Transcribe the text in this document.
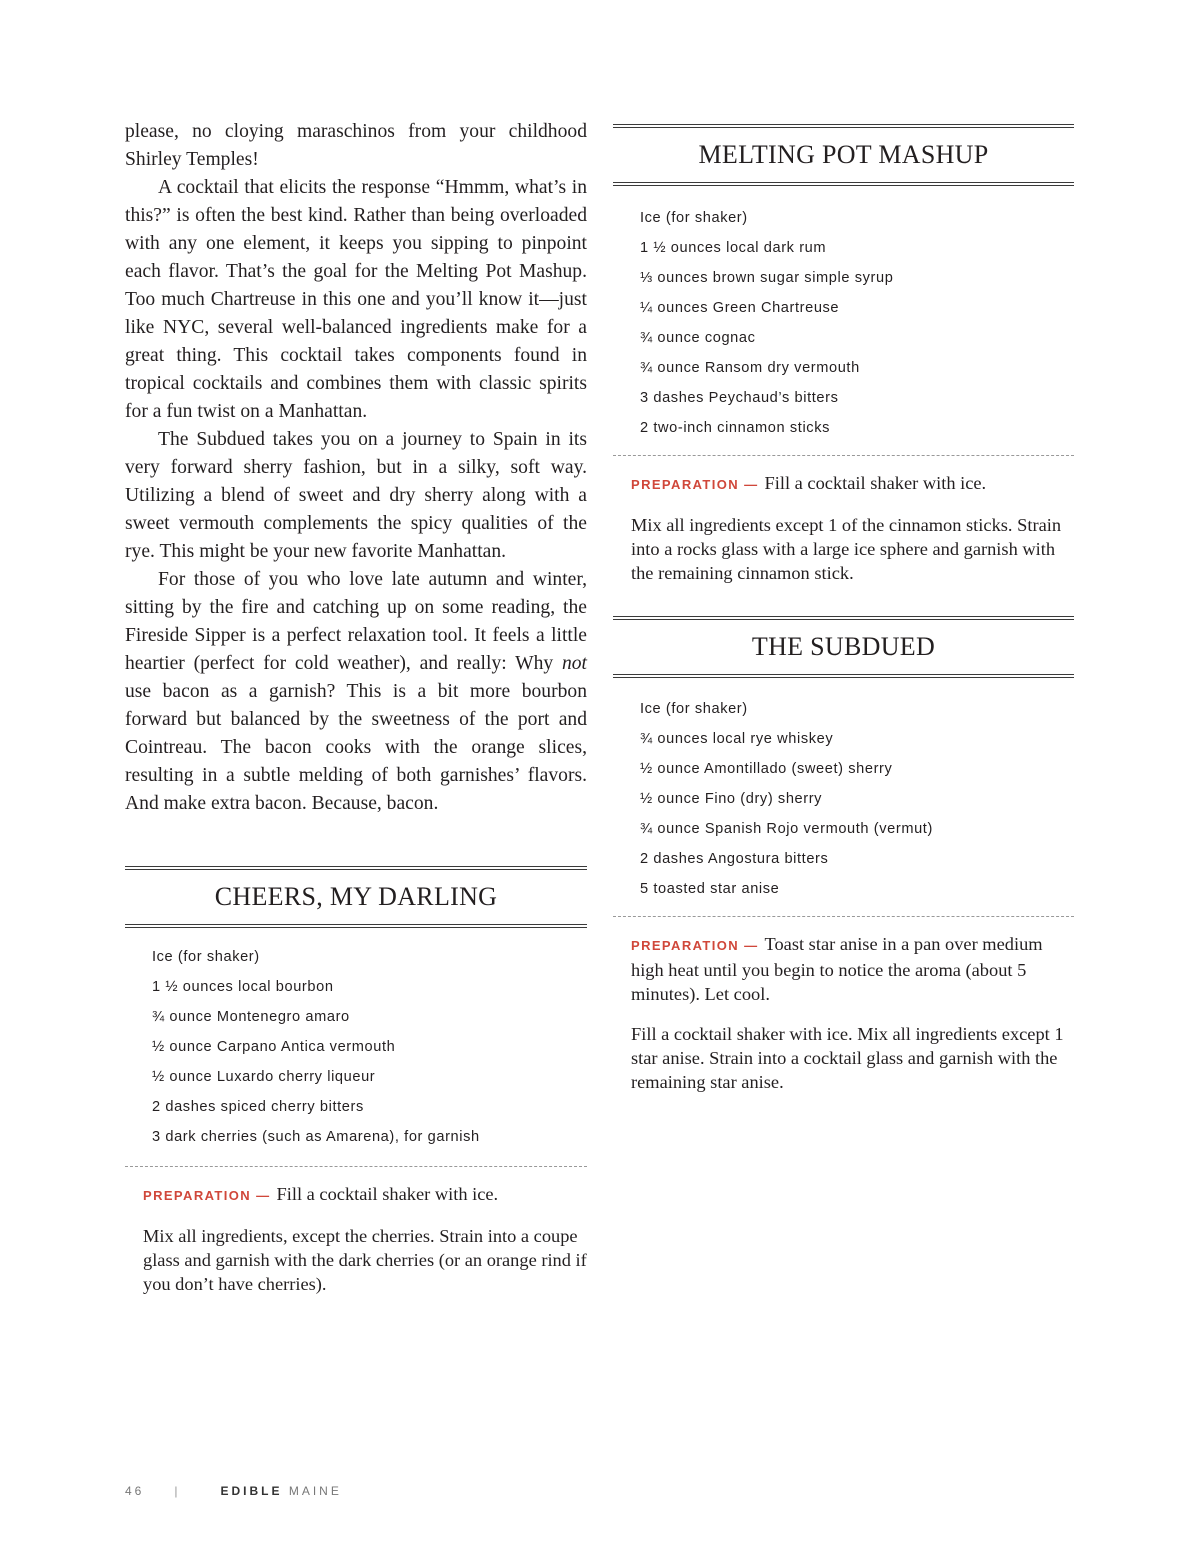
please, no cloying maraschinos from your childhood Shirley Temples!

A cocktail that elicits the response “Hmmm, what’s in this?” is often the best kind. Rather than being overloaded with any one element, it keeps you sipping to pinpoint each flavor. That’s the goal for the Melting Pot Mashup. Too much Chartreuse in this one and you’ll know it—just like NYC, several well-balanced ingredients make for a great thing. This cocktail takes components found in tropical cocktails and combines them with classic spirits for a fun twist on a Manhattan.

The Subdued takes you on a journey to Spain in its very forward sherry fashion, but in a silky, soft way. Utilizing a blend of sweet and dry sherry along with a sweet vermouth complements the spicy qualities of the rye. This might be your new favorite Manhattan.

For those of you who love late autumn and winter, sitting by the fire and catching up on some reading, the Fireside Sipper is a perfect relaxation tool. It feels a little heartier (perfect for cold weather), and really: Why not use bacon as a garnish? This is a bit more bourbon forward but balanced by the sweetness of the port and Cointreau. The bacon cooks with the orange slices, resulting in a subtle melding of both garnishes’ flavors. And make extra bacon. Because, bacon.

CHEERS, MY DARLING
Ice (for shaker)
1 ½ ounces local bourbon
¾ ounce Montenegro amaro
½ ounce Carpano Antica vermouth
½ ounce Luxardo cherry liqueur
2 dashes spiced cherry bitters
3 dark cherries (such as Amarena), for garnish

PREPARATION — Fill a cocktail shaker with ice.

Mix all ingredients, except the cherries. Strain into a coupe glass and garnish with the dark cherries (or an orange rind if you don’t have cherries).

MELTING POT MASHUP
Ice (for shaker)
1 ½ ounces local dark rum
⅓ ounces brown sugar simple syrup
¼ ounces Green Chartreuse
¾ ounce cognac
¾ ounce Ransom dry vermouth
3 dashes Peychaud’s bitters
2 two-inch cinnamon sticks

PREPARATION — Fill a cocktail shaker with ice.

Mix all ingredients except 1 of the cinnamon sticks. Strain into a rocks glass with a large ice sphere and garnish with the remaining cinnamon stick.

THE SUBDUED
Ice (for shaker)
¾ ounces local rye whiskey
½ ounce Amontillado (sweet) sherry
½ ounce Fino (dry) sherry
¾ ounce Spanish Rojo vermouth (vermut)
2 dashes Angostura bitters
5 toasted star anise

PREPARATION — Toast star anise in a pan over medium high heat until you begin to notice the aroma (about 5 minutes). Let cool.

Fill a cocktail shaker with ice. Mix all ingredients except 1 star anise. Strain into a cocktail glass and garnish with the remaining star anise.

46	|	EDIBLE MAINE
